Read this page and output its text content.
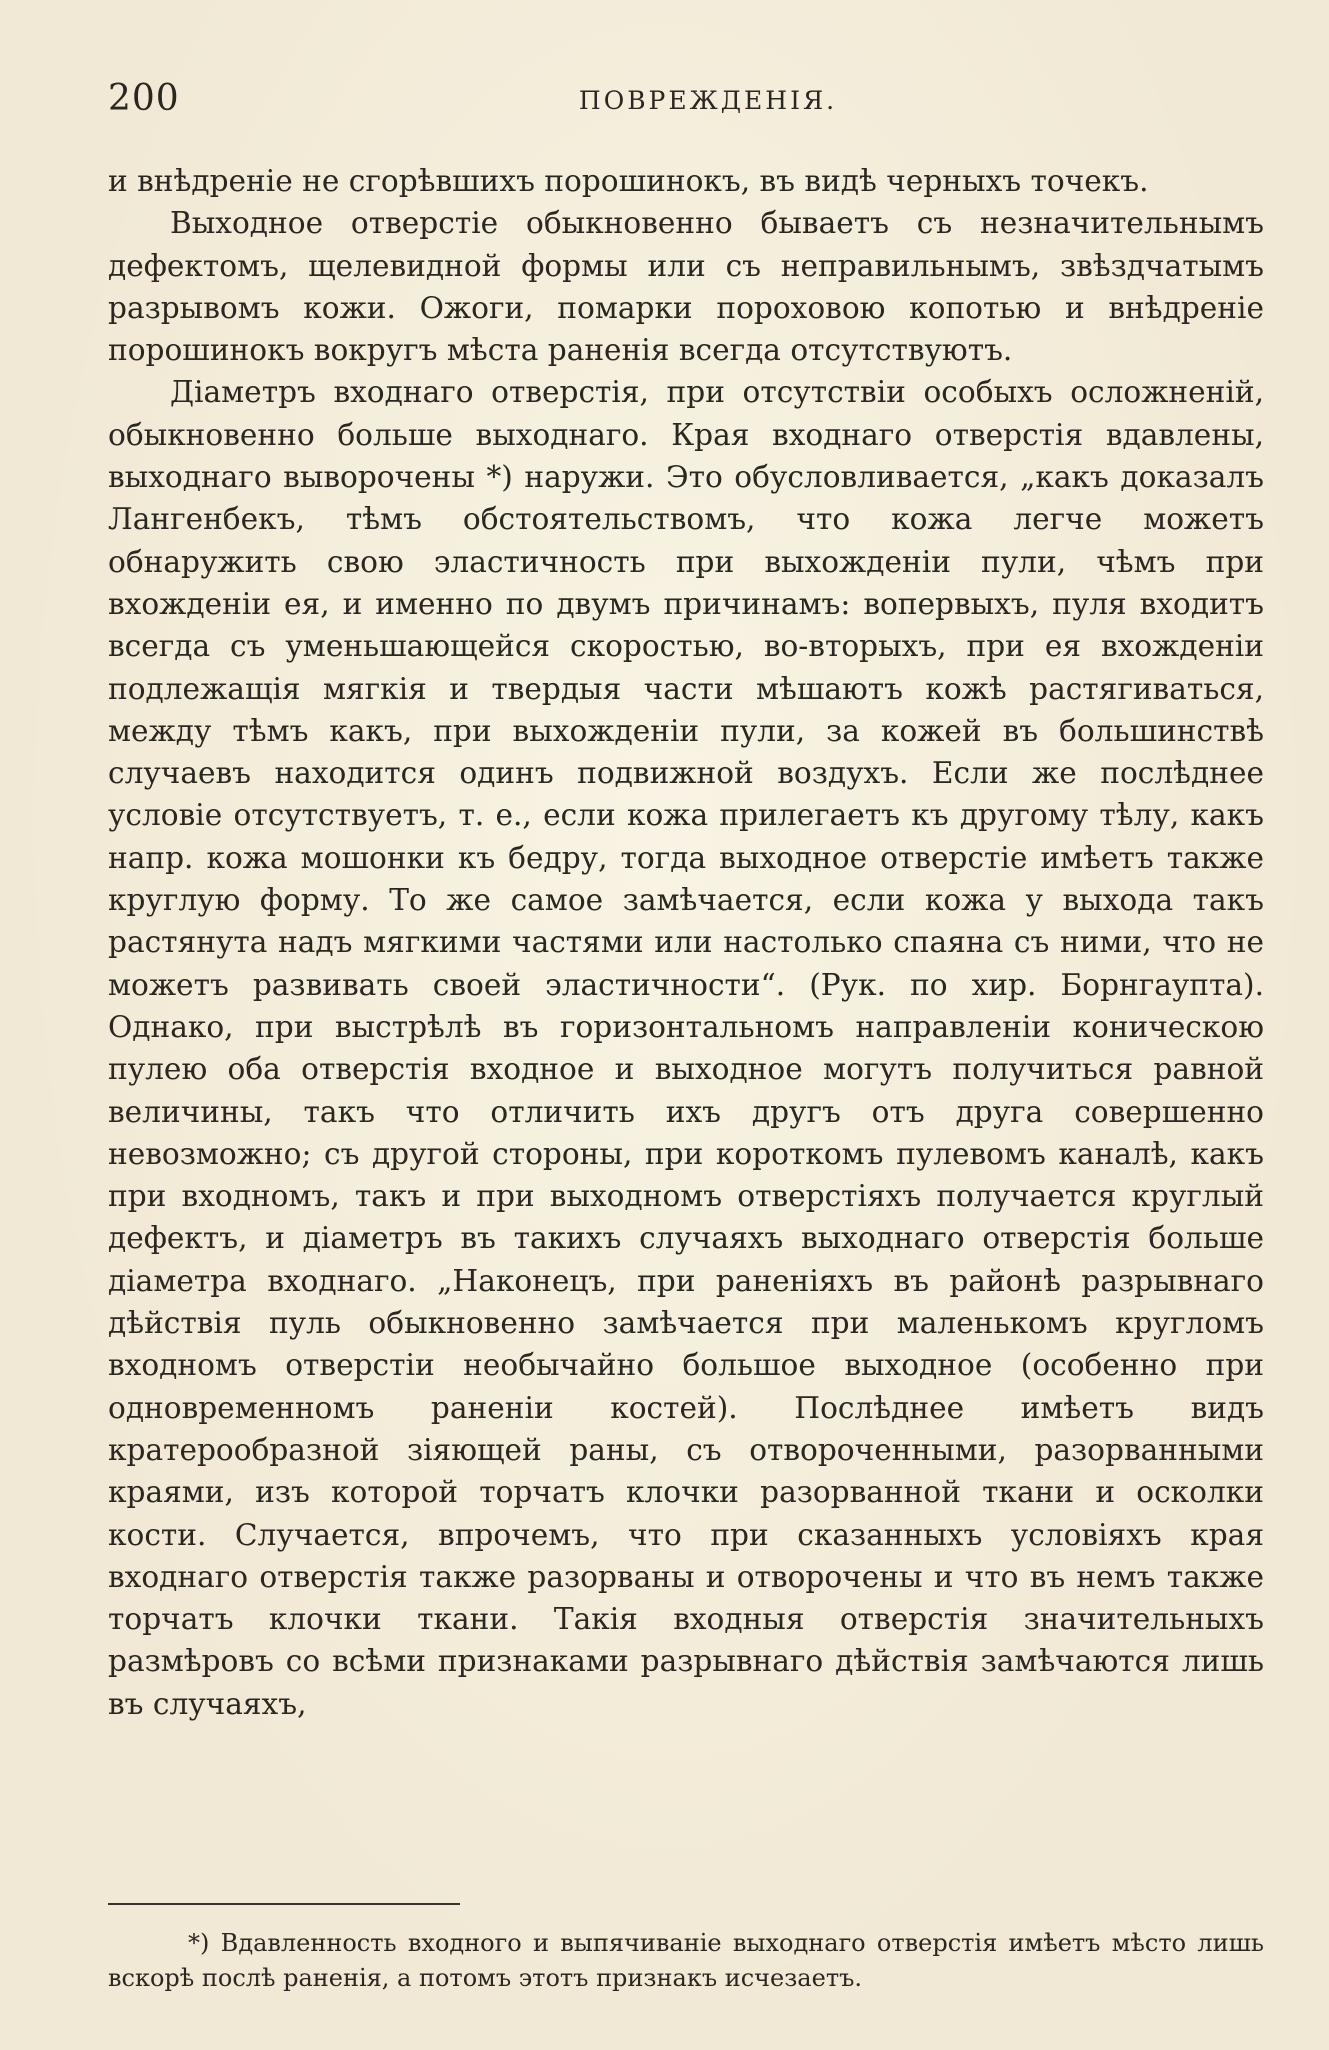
200	ПОВРЕЖДЕНІЯ.

и внѣдреніе не сгорѣвшихъ порошинокъ, въ видѣ черныхъ точекъ.

Выходное отверстіе обыкновенно бываетъ съ незначительнымъ дефектомъ, щелевидной формы или съ неправильнымъ, звѣздчатымъ разрывомъ кожи. Ожоги, помарки пороховою копотью и внѣдреніе порошинокъ вокругъ мѣста раненія всегда отсутствуютъ.

Діаметръ входнаго отверстія, при отсутствіи особыхъ осложненій, обыкновенно больше выходнаго. Края входнаго отверстія вдавлены, выходнаго выворочены *) наружи. Это обусловливается, „какъ доказалъ Лангенбекъ, тѣмъ обстоятельствомъ, что кожа легче можетъ обнаружить свою эластичность при выхожденіи пули, чѣмъ при вхожденіи ея, и именно по двумъ причинамъ: вопервыхъ, пуля входитъ всегда съ уменьшающейся скоростью, во-вторыхъ, при ея вхожденіи подлежащія мягкія и твердыя части мѣшаютъ кожѣ растягиваться, между тѣмъ какъ, при выхожденіи пули, за кожей въ большинствѣ случаевъ находится одинъ подвижной воздухъ. Если же послѣднее условіе отсутствуетъ, т. е., если кожа прилегаетъ къ другому тѣлу, какъ напр. кожа мошонки къ бедру, тогда выходное отверстіе имѣетъ также круглую форму. То же самое замѣчается, если кожа у выхода такъ растянута надъ мягкими частями или настолько спаяна съ ними, что не можетъ развивать своей эластичности“. (Рук. по хир. Борнгаупта). Однако, при выстрѣлѣ въ горизонтальномъ направленіи коническою пулею оба отверстія входное и выходное могутъ получиться равной величины, такъ что отличить ихъ другъ отъ друга совершенно невозможно; съ другой стороны, при короткомъ пулевомъ каналѣ, какъ при входномъ, такъ и при выходномъ отверстіяхъ получается круглый дефектъ, и діаметръ въ такихъ случаяхъ выходнаго отверстія больше діаметра входнаго. „Наконецъ, при раненіяхъ въ районѣ разрывнаго дѣйствія пуль обыкновенно замѣчается при маленькомъ кругломъ входномъ отверстіи необычайно большое выходное (особенно при одновременномъ раненіи костей). Послѣднее имѣетъ видъ кратерообразной зіяющей раны, съ отвороченными, разорванными краями, изъ которой торчатъ клочки разорванной ткани и осколки кости. Случается, впрочемъ, что при сказанныхъ условіяхъ края входнаго отверстія также разорваны и отворочены и что въ немъ также торчатъ клочки ткани. Такія входныя отверстія значительныхъ размѣровъ со всѣми признаками разрывнаго дѣйствія замѣчаются лишь въ случаяхъ,

*) Вдавленность входного и выпячиваніе выходнаго отверстія имѣетъ мѣсто лишь вскорѣ послѣ раненія, а потомъ этотъ признакъ исчезаетъ.
